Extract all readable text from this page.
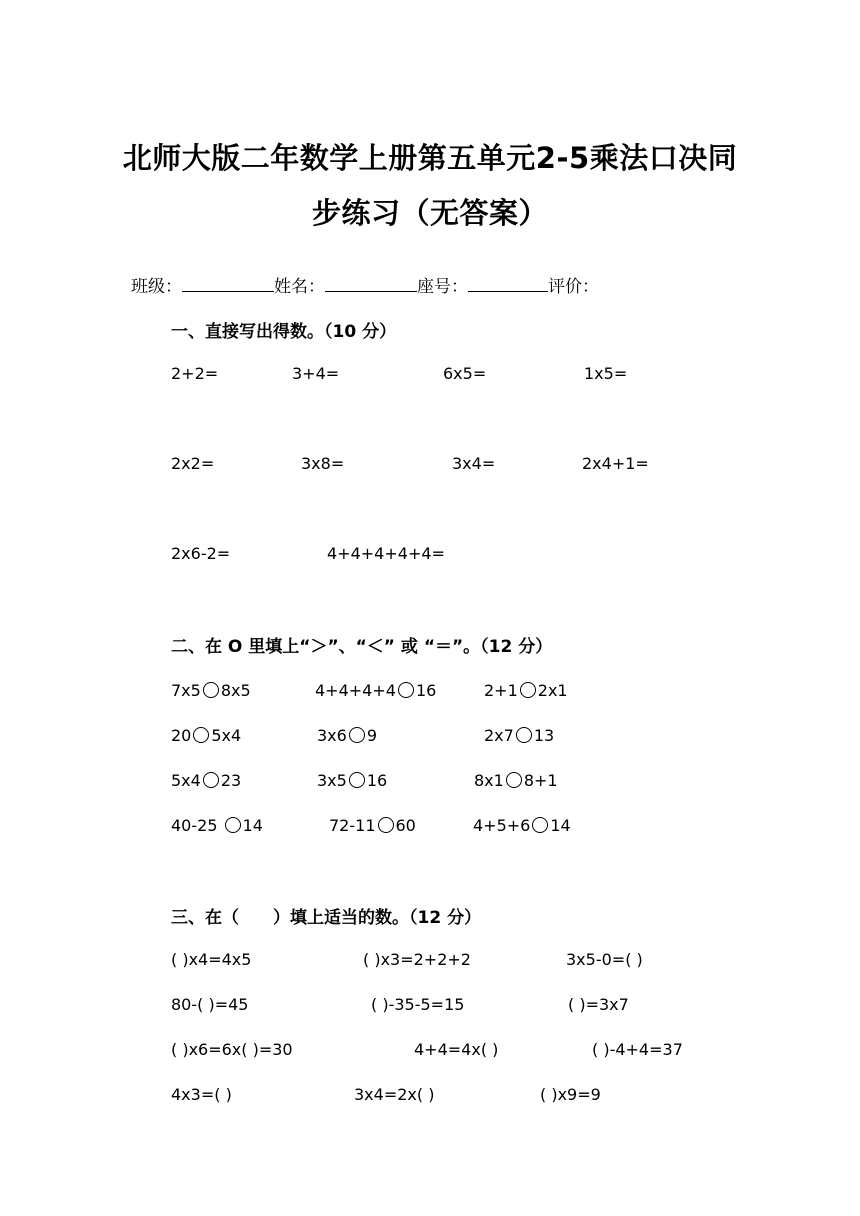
北师大版二年数学上册第五单元2-5乘法口决同
步练习（无答案）
班级：	姓名：	座号：	评价：
一、直接写出得数。（10 分）
2+2=	3+4=	6x5=	1x5=
2x2=	3x8=	3x4=	2x4+1=
2x6-2=	4+4+4+4+4=
二、在 O 里填上“＞”、“＜” 或 “＝”。（12 分）
7x5 8x5	4+4+4+4 16	2+1 2x1
20 5x4	3x6 9	2x7 13
5x4 23	3x5 16	8x1 8+1
40-25 14	72-11 60	4+5+6 14
三、在（　　）填上适当的数。（12 分）
( )x4=4x5	( )x3=2+2+2	3x5-0=( )
80-( )=45	( )-35-5=15	( )=3x7
( )x6=6x( )=30	4+4=4x( )	( )-4+4=37
4x3=( )	3x4=2x( )	( )x9=9
